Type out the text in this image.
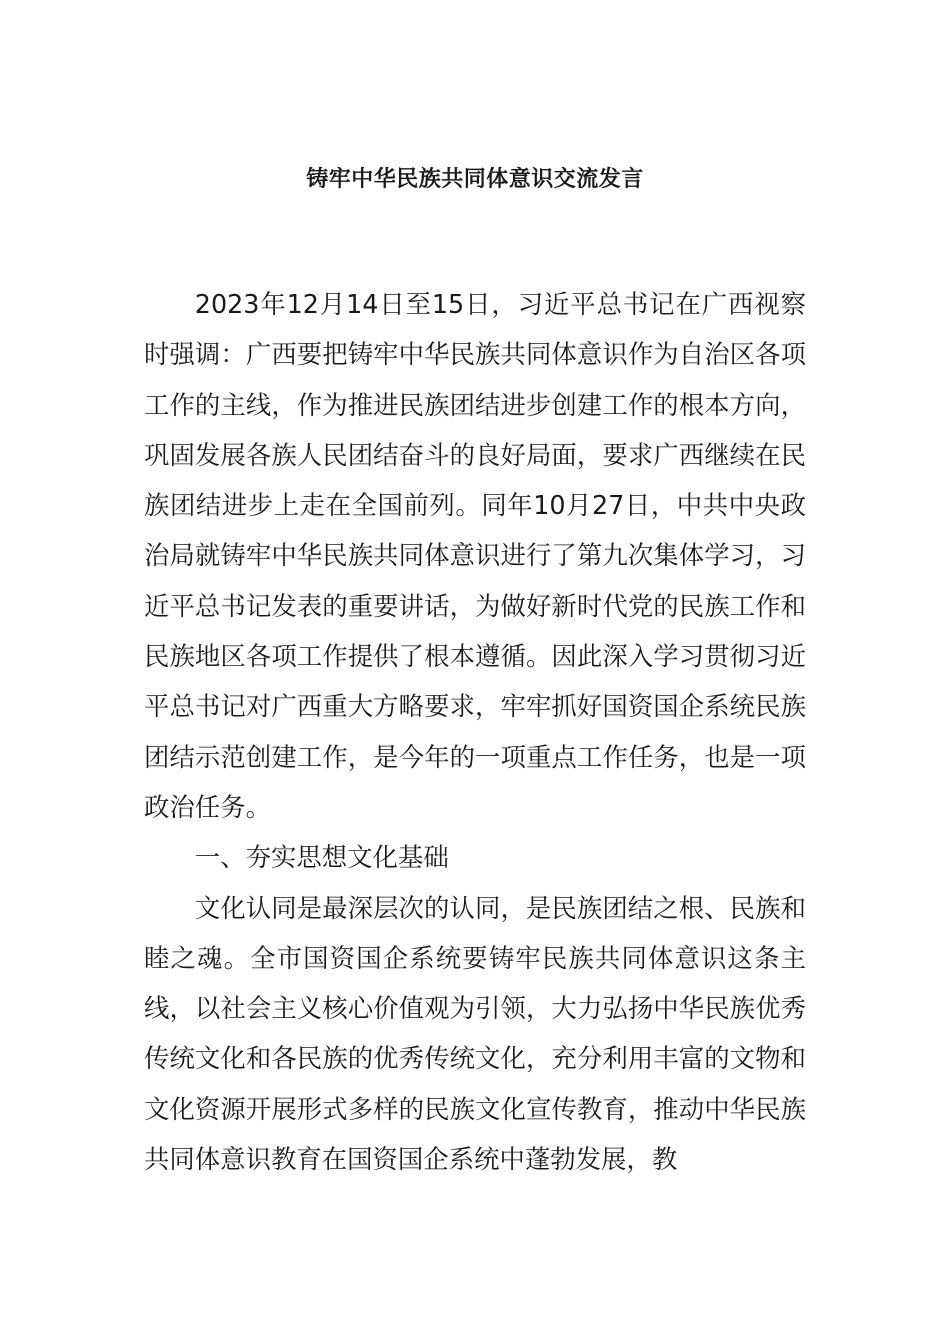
铸牢中华民族共同体意识交流发言

2023年12月14日至15日，习近平总书记在广西视察时强调：广西要把铸牢中华民族共同体意识作为自治区各项工作的主线，作为推进民族团结进步创建工作的根本方向，巩固发展各族人民团结奋斗的良好局面，要求广西继续在民族团结进步上走在全国前列。同年10月27日，中共中央政治局就铸牢中华民族共同体意识进行了第九次集体学习，习近平总书记发表的重要讲话，为做好新时代党的民族工作和民族地区各项工作提供了根本遵循。因此深入学习贯彻习近平总书记对广西重大方略要求，牢牢抓好国资国企系统民族团结示范创建工作，是今年的一项重点工作任务，也是一项政治任务。

一、夯实思想文化基础

文化认同是最深层次的认同，是民族团结之根、民族和睦之魂。全市国资国企系统要铸牢民族共同体意识这条主线，以社会主义核心价值观为引领，大力弘扬中华民族优秀传统文化和各民族的优秀传统文化，充分利用丰富的文物和文化资源开展形式多样的民族文化宣传教育，推动中华民族共同体意识教育在国资国企系统中蓬勃发展，教
